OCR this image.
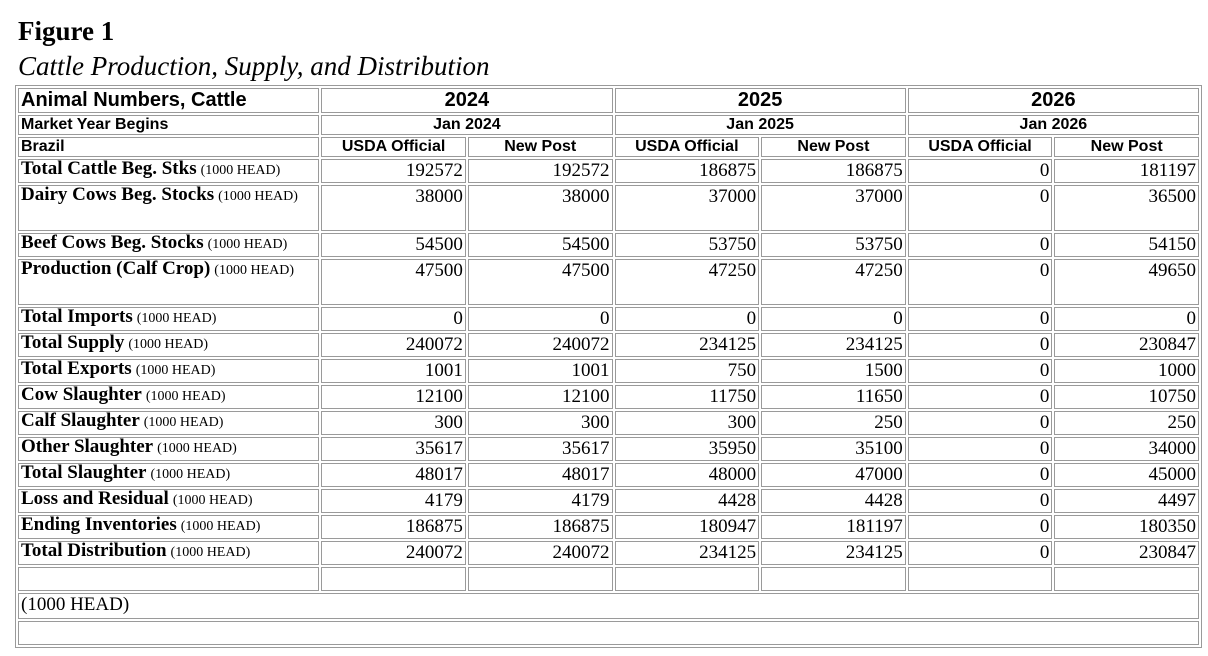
Figure 1
Cattle Production, Supply, and Distribution
Animal Numbers, Cattle	2024		2025		2026	
Market Year Begins	Jan 2024		Jan 2025		Jan 2026	
Brazil	USDA Official	New Post	USDA Official	New Post	USDA Official	New Post
Total Cattle Beg. Stks (1000 HEAD)	192572	192572	186875	186875	0	181197
Dairy Cows Beg. Stocks (1000 HEAD)	38000	38000	37000	37000	0	36500
Beef Cows Beg. Stocks (1000 HEAD)	54500	54500	53750	53750	0	54150
Production (Calf Crop) (1000 HEAD)	47500	47500	47250	47250	0	49650
Total Imports (1000 HEAD)	0	0	0	0	0	0
Total Supply (1000 HEAD)	240072	240072	234125	234125	0	230847
Total Exports (1000 HEAD)	1001	1001	750	1500	0	1000
Cow Slaughter (1000 HEAD)	12100	12100	11750	11650	0	10750
Calf Slaughter (1000 HEAD)	300	300	300	250	0	250
Other Slaughter (1000 HEAD)	35617	35617	35950	35100	0	34000
Total Slaughter (1000 HEAD)	48017	48017	48000	47000	0	45000
Loss and Residual (1000 HEAD)	4179	4179	4428	4428	0	4497
Ending Inventories (1000 HEAD)	186875	186875	180947	181197	0	180350
Total Distribution (1000 HEAD)	240072	240072	234125	234125	0	230847

(1000 HEAD)						
